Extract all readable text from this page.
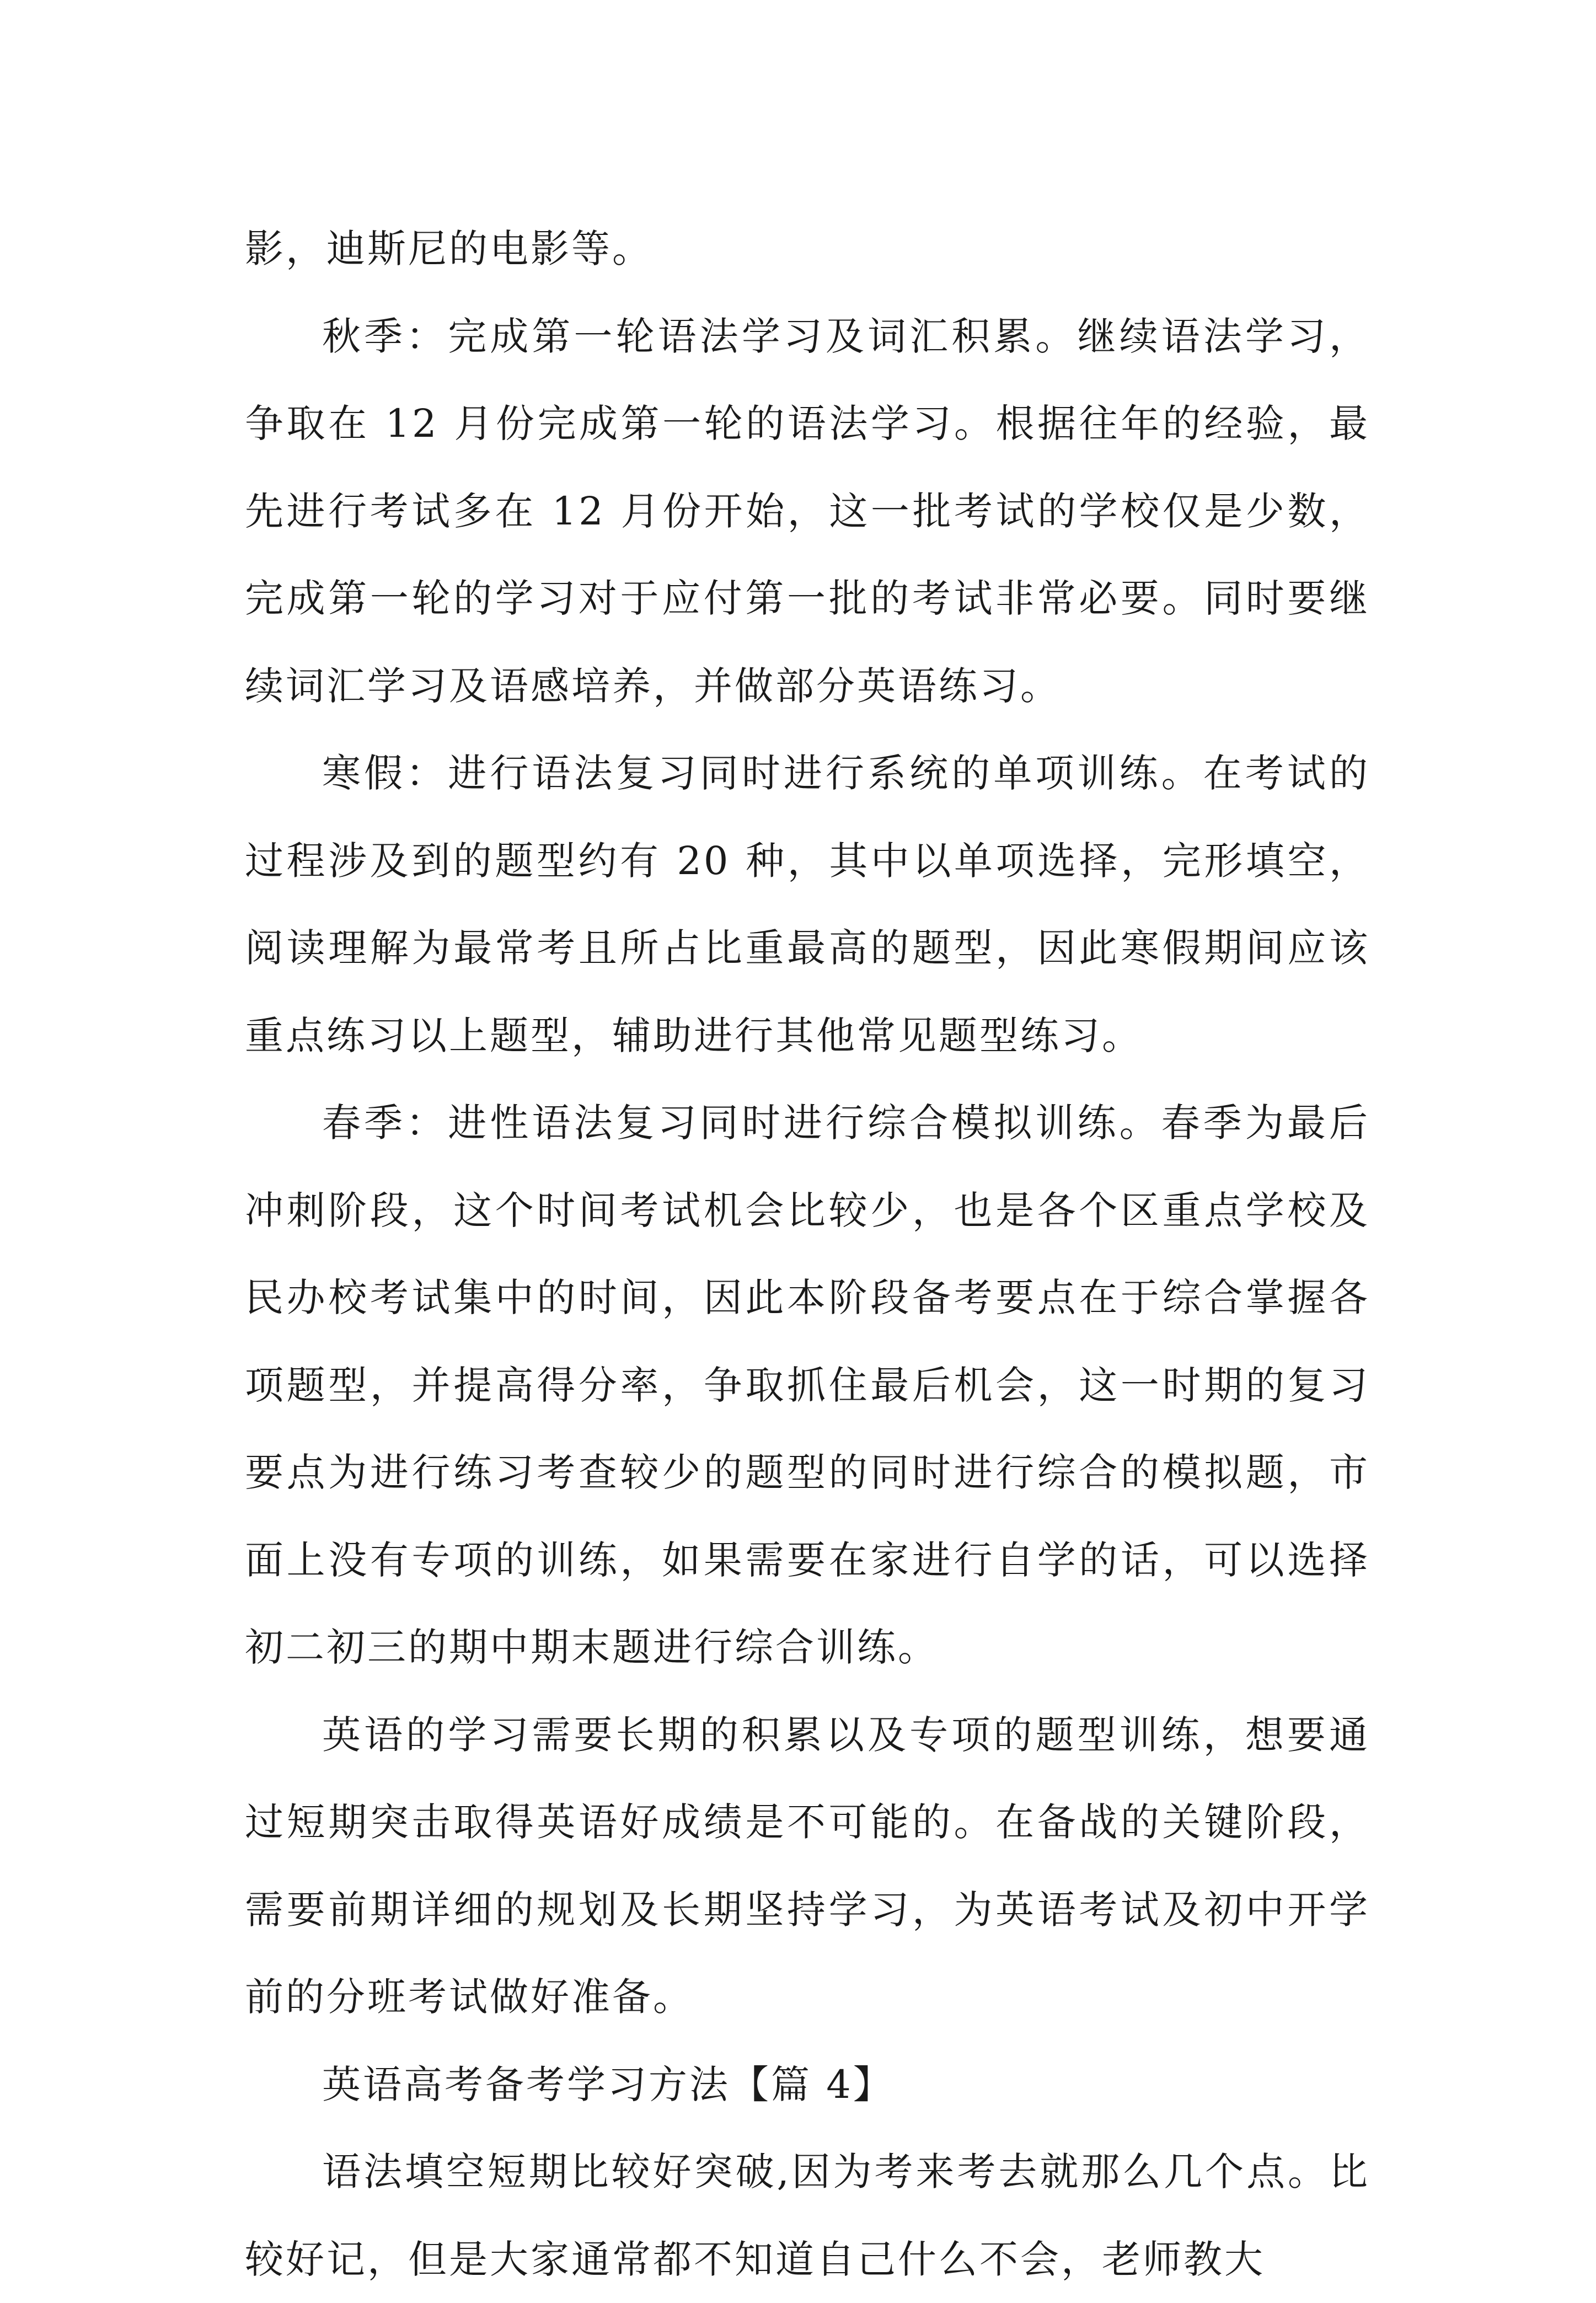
影，迪斯尼的电影等。

秋季：完成第一轮语法学习及词汇积累。继续语法学习，争取在 12 月份完成第一轮的语法学习。根据往年的经验，最先进行考试多在 12 月份开始，这一批考试的学校仅是少数，完成第一轮的学习对于应付第一批的考试非常必要。同时要继续词汇学习及语感培养，并做部分英语练习。

寒假：进行语法复习同时进行系统的单项训练。在考试的过程涉及到的题型约有 20 种，其中以单项选择，完形填空，阅读理解为最常考且所占比重最高的题型，因此寒假期间应该重点练习以上题型，辅助进行其他常见题型练习。

春季：进性语法复习同时进行综合模拟训练。春季为最后冲刺阶段，这个时间考试机会比较少，也是各个区重点学校及民办校考试集中的时间，因此本阶段备考要点在于综合掌握各项题型，并提高得分率，争取抓住最后机会，这一时期的复习要点为进行练习考查较少的题型的同时进行综合的模拟题，市面上没有专项的训练，如果需要在家进行自学的话，可以选择初二初三的期中期末题进行综合训练。

英语的学习需要长期的积累以及专项的题型训练，想要通过短期突击取得英语好成绩是不可能的。在备战的关键阶段，需要前期详细的规划及长期坚持学习，为英语考试及初中开学前的分班考试做好准备。

英语高考备考学习方法【篇 4】

语法填空短期比较好突破,因为考来考去就那么几个点。比较好记，但是大家通常都不知道自己什么不会，老师教大
